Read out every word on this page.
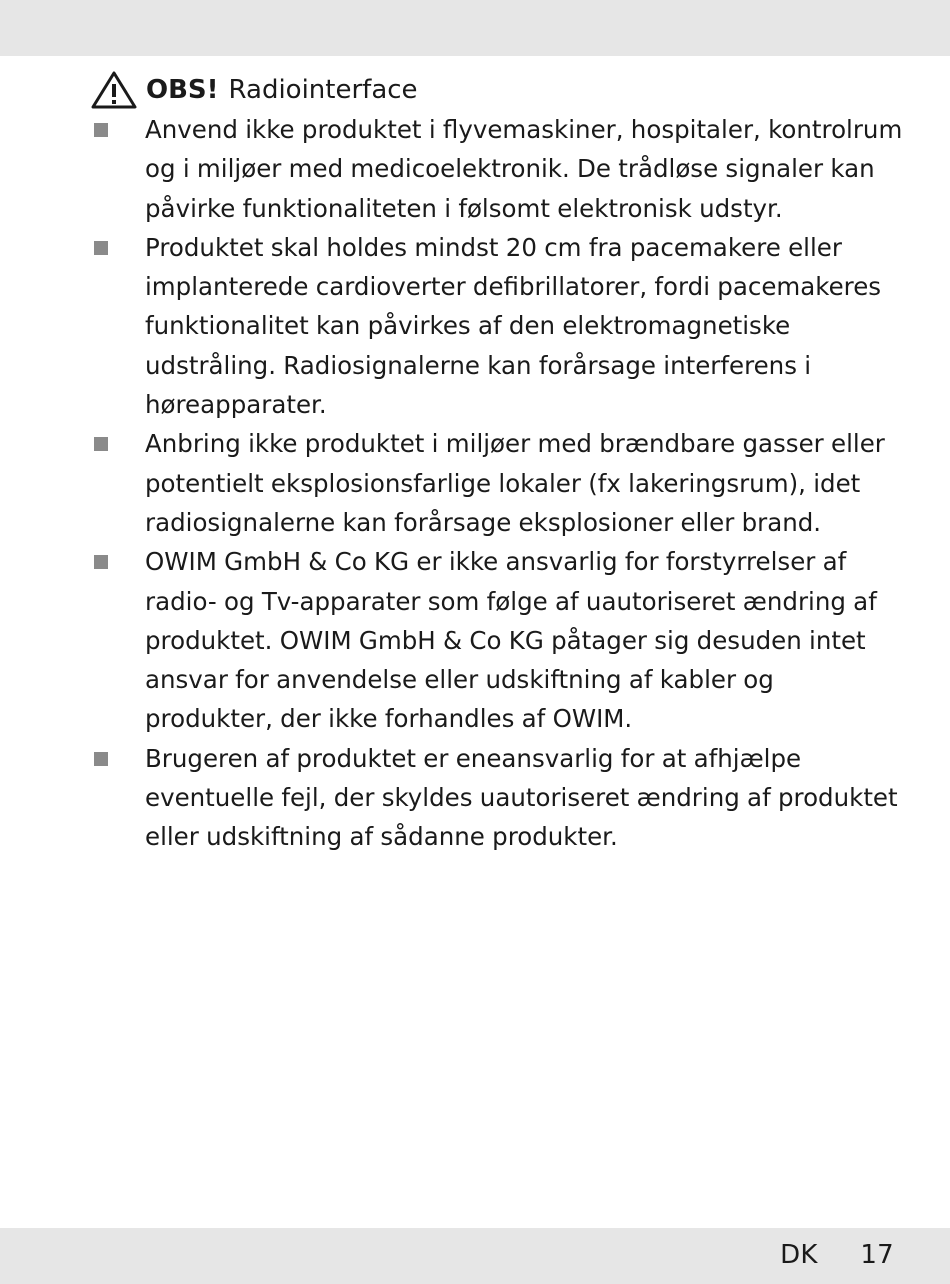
OBS! Radiointerface
Anvend ikke produktet i flyvemaskiner, hospitaler, kontrolrum og i miljøer med medicoelektronik. De trådløse signaler kan påvirke funktionaliteten i følsomt elektronisk udstyr.
Produktet skal holdes mindst 20 cm fra pacemakere eller implanterede cardioverter defibrillatorer, fordi pacemakeres funktionalitet kan påvirkes af den elektromagnetiske udstråling. Radiosignalerne kan forårsage interferens i høreapparater.
Anbring ikke produktet i miljøer med brændbare gasser eller potentielt eksplosionsfarlige lokaler (fx lakeringsrum), idet radiosignalerne kan forårsage eksplosioner eller brand.
OWIM GmbH & Co KG er ikke ansvarlig for forstyrrelser af radio- og Tv-apparater som følge af uautoriseret ændring af produktet. OWIM GmbH & Co KG påtager sig desuden intet ansvar for anvendelse eller udskiftning af kabler og produkter, der ikke forhandles af OWIM.
Brugeren af produktet er eneansvarlig for at afhjælpe eventuelle fejl, der skyldes uautoriseret ændring af produktet eller udskiftning af sådanne produkter.
DK 17
